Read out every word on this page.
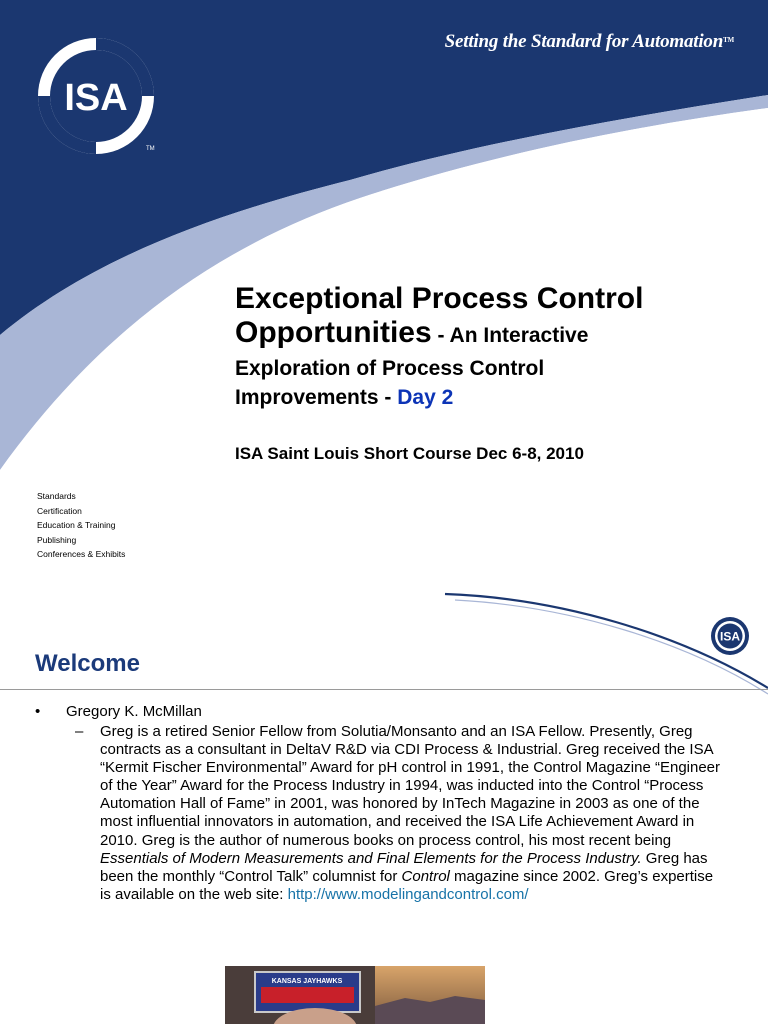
Setting the Standard for Automation™
ISA
TM
Exceptional Process Control
Opportunities - An Interactive
Exploration of Process Control
Improvements - Day 2
ISA Saint Louis Short Course Dec 6-8, 2010
Standards
Certification
Education & Training
Publishing
Conferences & Exhibits
ISA
Welcome
• Gregory K. McMillan
– Greg is a retired Senior Fellow from Solutia/Monsanto and an ISA Fellow. Presently, Greg contracts as a consultant in DeltaV R&D via CDI Process & Industrial. Greg received the ISA “Kermit Fischer Environmental” Award for pH control in 1991, the Control Magazine “Engineer of the Year” Award for the Process Industry in 1994, was inducted into the Control “Process Automation Hall of Fame” in 2001, was honored by InTech Magazine in 2003 as one of the most influential innovators in automation, and received the ISA Life Achievement Award in 2010. Greg is the author of numerous books on process control, his most recent being Essentials of Modern Measurements and Final Elements for the Process Industry. Greg has been the monthly “Control Talk” columnist for Control magazine since 2002. Greg’s expertise is available on the web site: http://www.modelingandcontrol.com/
KANSAS JAYHAWKS
